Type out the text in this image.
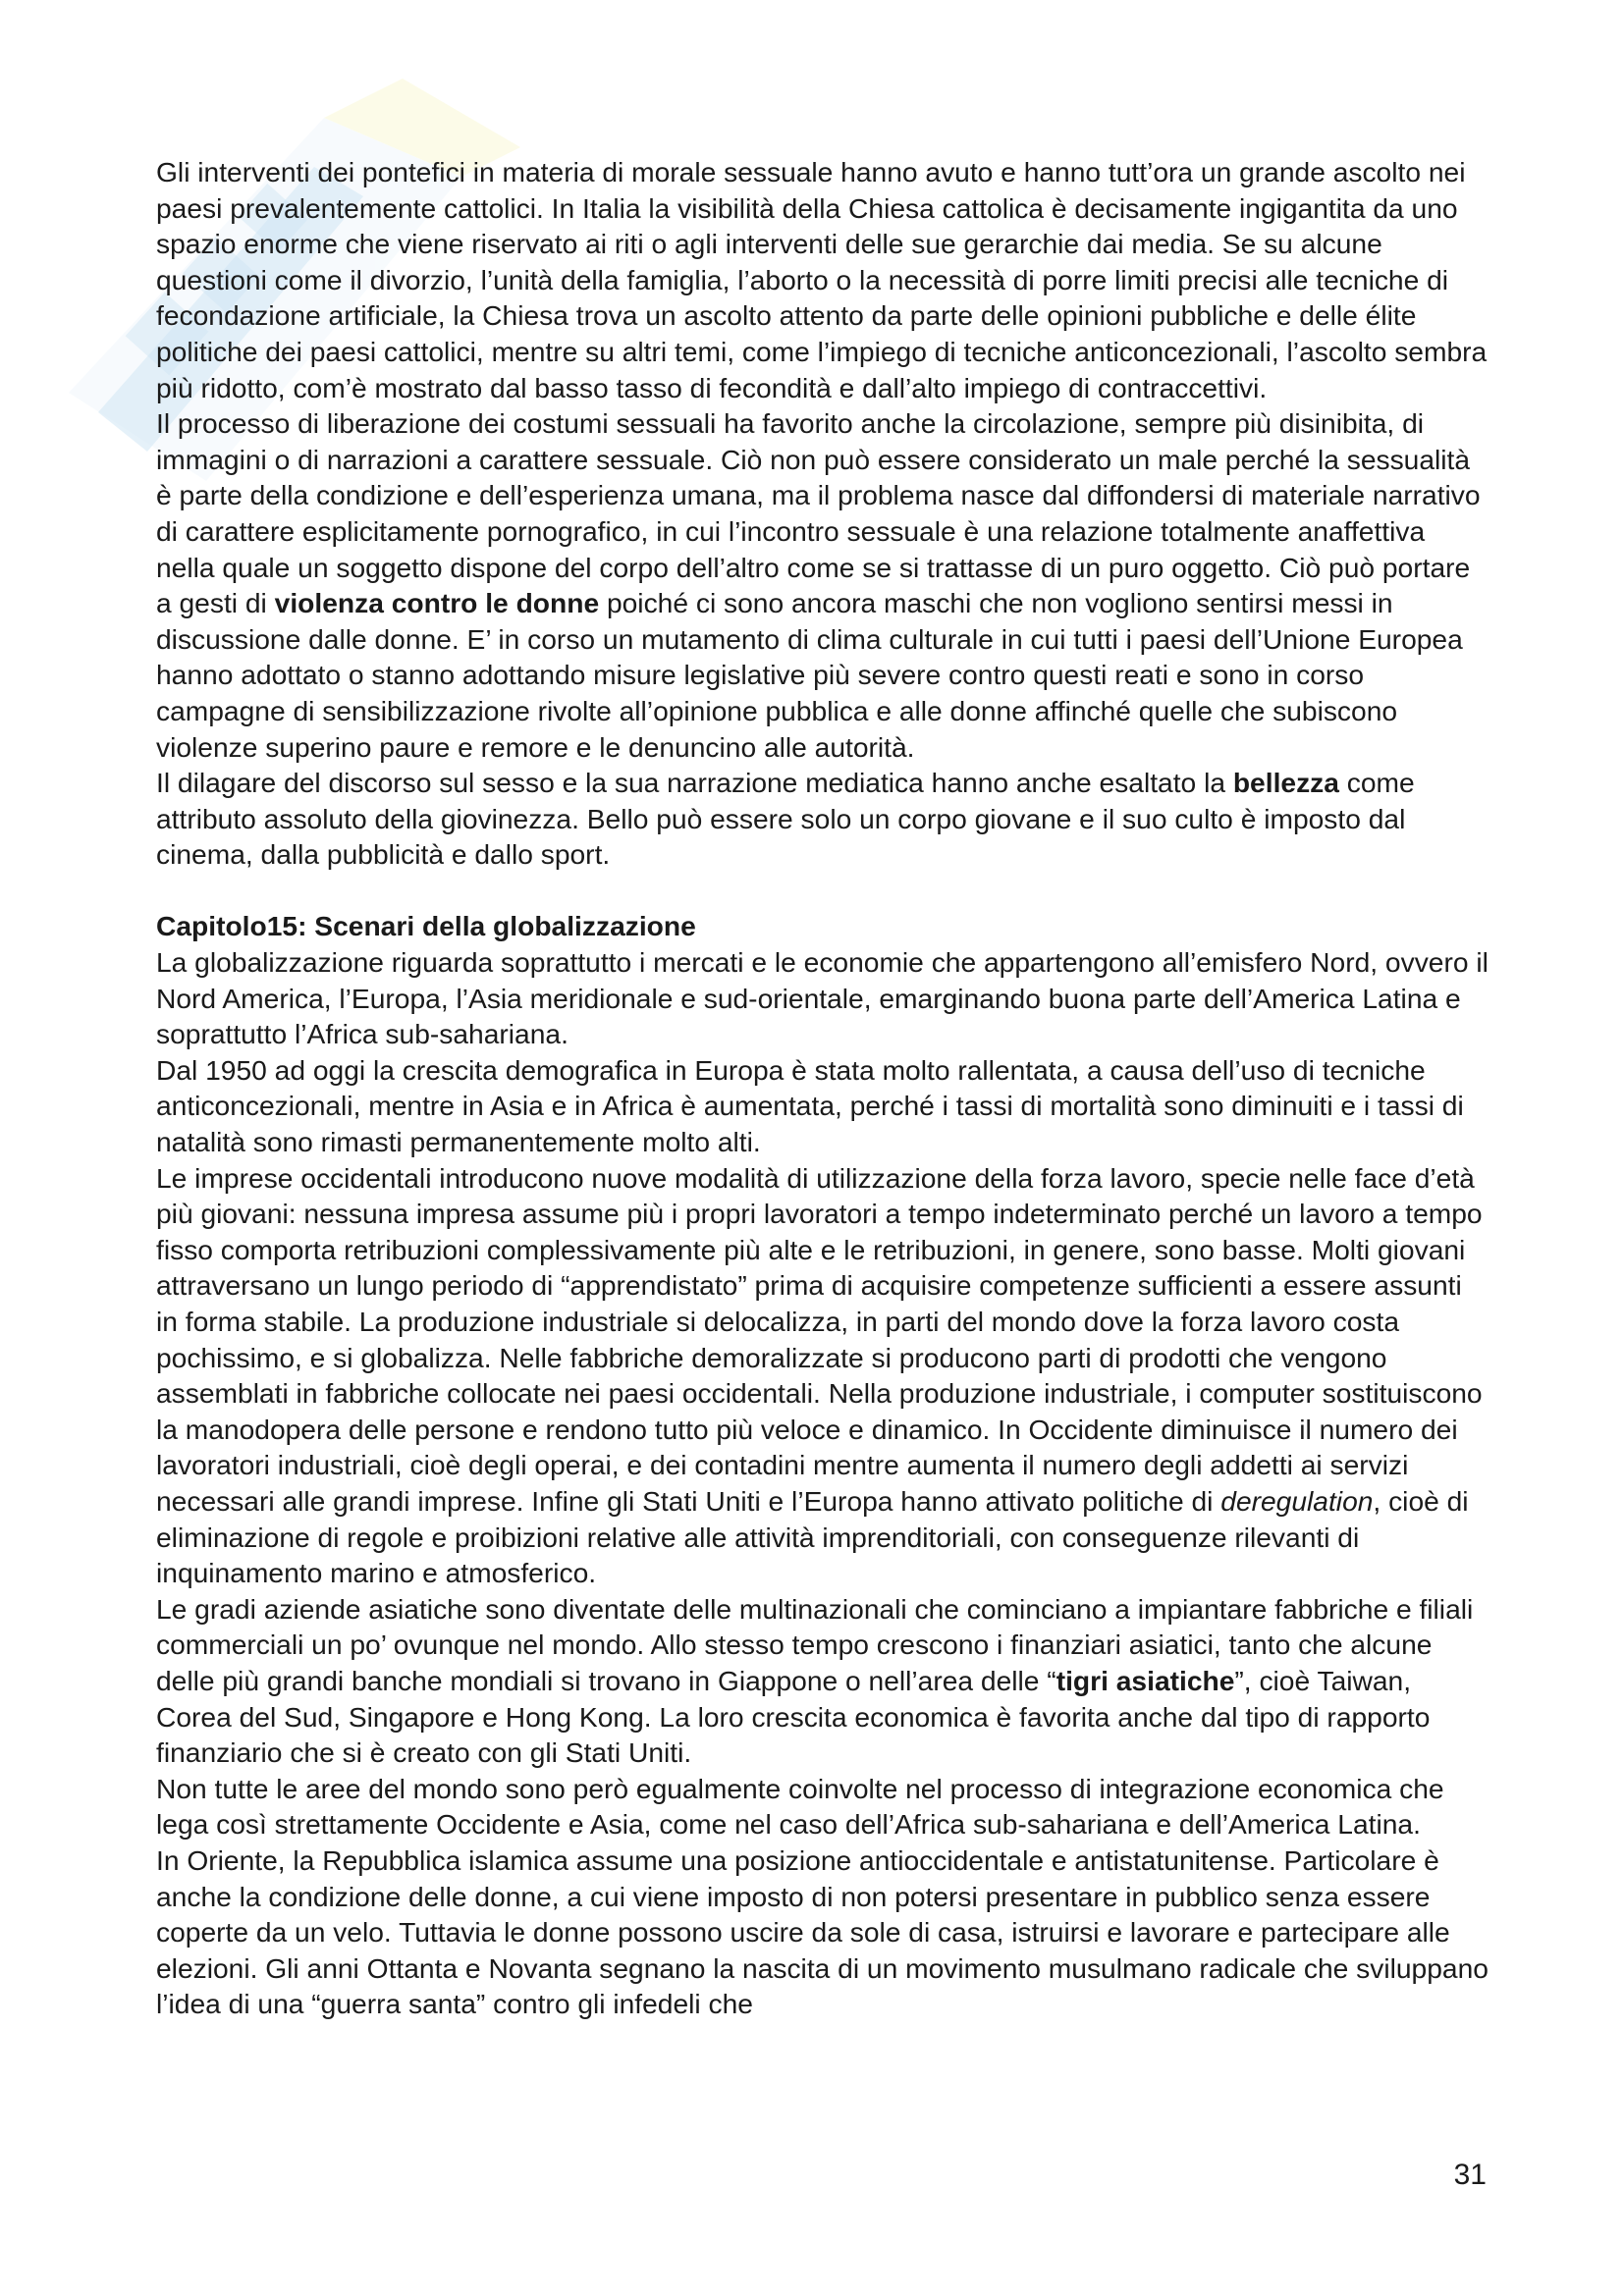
Gli interventi dei pontefici in materia di morale sessuale hanno avuto e hanno tutt’ora un grande ascolto nei paesi prevalentemente cattolici. In Italia la visibilità della Chiesa cattolica è decisamente ingigantita da uno spazio enorme che viene riservato ai riti o agli interventi delle sue gerarchie dai media. Se su alcune questioni come il divorzio, l’unità della famiglia, l’aborto o la necessità di porre limiti precisi alle tecniche di fecondazione artificiale, la Chiesa trova un ascolto attento da parte delle opinioni pubbliche e delle élite politiche dei paesi cattolici, mentre su altri temi, come l’impiego di tecniche anticoncezionali, l’ascolto sembra più ridotto, com’è mostrato dal basso tasso di fecondità e dall’alto impiego di contraccettivi.

Il processo di liberazione dei costumi sessuali ha favorito anche la circolazione, sempre più disinibita, di immagini o di narrazioni a carattere sessuale. Ciò non può essere considerato un male perché la sessualità è parte della condizione e dell’esperienza umana, ma il problema nasce dal diffondersi di materiale narrativo di carattere esplicitamente pornografico, in cui l’incontro sessuale è una relazione totalmente anaffettiva nella quale un soggetto dispone del corpo dell’altro come se si trattasse di un puro oggetto. Ciò può portare a gesti di violenza contro le donne poiché ci sono ancora maschi che non vogliono sentirsi messi in discussione dalle donne. E’ in corso un mutamento di clima culturale in cui tutti i paesi dell’Unione Europea hanno adottato o stanno adottando misure legislative più severe contro questi reati e sono in corso campagne di sensibilizzazione rivolte all’opinione pubblica e alle donne affinché quelle che subiscono violenze superino paure e remore e le denuncino alle autorità.

Il dilagare del discorso sul sesso e la sua narrazione mediatica hanno anche esaltato la bellezza come attributo assoluto della giovinezza. Bello può essere solo un corpo giovane e il suo culto è imposto dal cinema, dalla pubblicità e dallo sport.

Capitolo15: Scenari della globalizzazione

La globalizzazione riguarda soprattutto i mercati e le economie che appartengono all’emisfero Nord, ovvero il Nord America, l’Europa, l’Asia meridionale e sud-orientale, emarginando buona parte dell’America Latina e soprattutto l’Africa sub-sahariana.

Dal 1950 ad oggi la crescita demografica in Europa è stata molto rallentata, a causa dell’uso di tecniche anticoncezionali, mentre in Asia e in Africa è aumentata, perché i tassi di mortalità sono diminuiti e i tassi di natalità sono rimasti permanentemente molto alti.

Le imprese occidentali introducono nuove modalità di utilizzazione della forza lavoro, specie nelle face d’età più giovani: nessuna impresa assume più i propri lavoratori a tempo indeterminato perché un lavoro a tempo fisso comporta retribuzioni complessivamente più alte e le retribuzioni, in genere, sono basse. Molti giovani attraversano un lungo periodo di “apprendistato” prima di acquisire competenze sufficienti a essere assunti in forma stabile. La produzione industriale si delocalizza, in parti del mondo dove la forza lavoro costa pochissimo, e si globalizza. Nelle fabbriche demoralizzate si producono parti di prodotti che vengono assemblati in fabbriche collocate nei paesi occidentali. Nella produzione industriale, i computer sostituiscono la manodopera delle persone e rendono tutto più veloce e dinamico. In Occidente diminuisce il numero dei lavoratori industriali, cioè degli operai, e dei contadini mentre aumenta il numero degli addetti ai servizi necessari alle grandi imprese. Infine gli Stati Uniti e l’Europa hanno attivato politiche di deregulation, cioè di eliminazione di regole e proibizioni relative alle attività imprenditoriali, con conseguenze rilevanti di inquinamento marino e atmosferico.

Le gradi aziende asiatiche sono diventate delle multinazionali che cominciano a impiantare fabbriche e filiali commerciali un po’ ovunque nel mondo. Allo stesso tempo crescono i finanziari asiatici, tanto che alcune delle più grandi banche mondiali si trovano in Giappone o nell’area delle “tigri asiatiche”, cioè Taiwan, Corea del Sud, Singapore e Hong Kong. La loro crescita economica è favorita anche dal tipo di rapporto finanziario che si è creato con gli Stati Uniti.

Non tutte le aree del mondo sono però egualmente coinvolte nel processo di integrazione economica che lega così strettamente Occidente e Asia, come nel caso dell’Africa sub-sahariana e dell’America Latina.

In Oriente, la Repubblica islamica assume una posizione antioccidentale e antistatunitense. Particolare è anche la condizione delle donne, a cui viene imposto di non potersi presentare in pubblico senza essere coperte da un velo. Tuttavia le donne possono uscire da sole di casa, istruirsi e lavorare e partecipare alle elezioni. Gli anni Ottanta e Novanta segnano la nascita di un movimento musulmano radicale che sviluppano l’idea di una “guerra santa” contro gli infedeli che

31
